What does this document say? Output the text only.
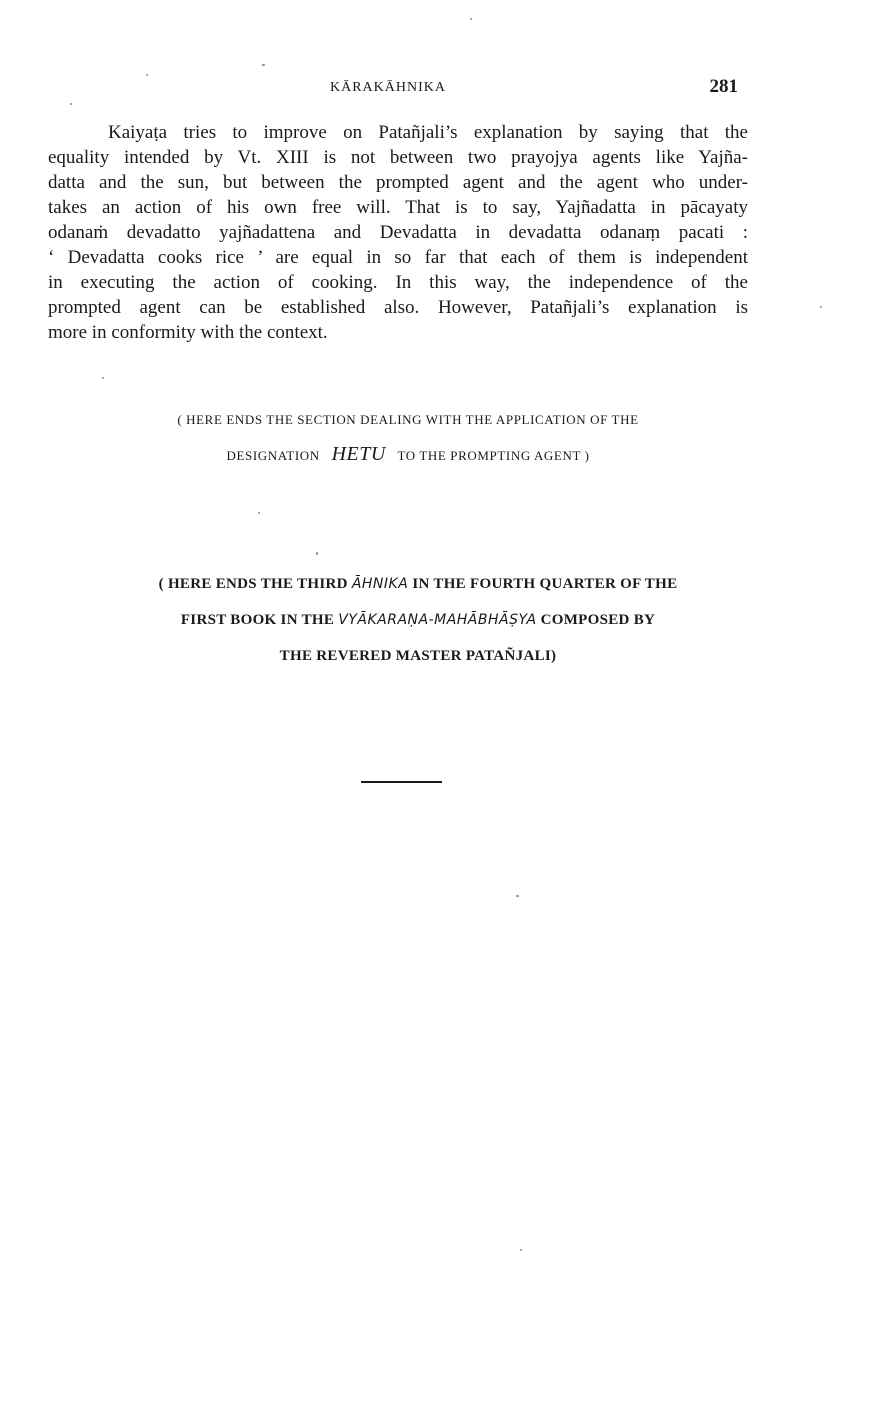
KĀRAKĀHNIKA	281

Kaiyaṭa tries to improve on Patañjali’s explanation by saying that the
equality intended by Vt. XIII is not between two prayojya agents like Yajña-
datta and the sun, but between the prompted agent and the agent who under-
takes an action of his own free will. That is to say, Yajñadatta in pācayaty
odanaṁ devadatto yajñadattena and Devadatta in devadatta odanaṃ pacati :
‘ Devadatta cooks rice ’ are equal in so far that each of them is independent
in executing the action of cooking. In this way, the independence of the
prompted agent can be established also. However, Patañjali’s explanation is
more in conformity with the context.

( HERE ENDS THE SECTION DEALING WITH THE APPLICATION OF THE
DESIGNATION HETU TO THE PROMPTING AGENT )
( HERE ENDS THE THIRD ĀHNIKA IN THE FOURTH QUARTER OF THE
FIRST BOOK IN THE VYĀKARAṆA-MAHĀBHĀṢYA COMPOSED BY
THE REVERED MASTER PATAÑJALI)
